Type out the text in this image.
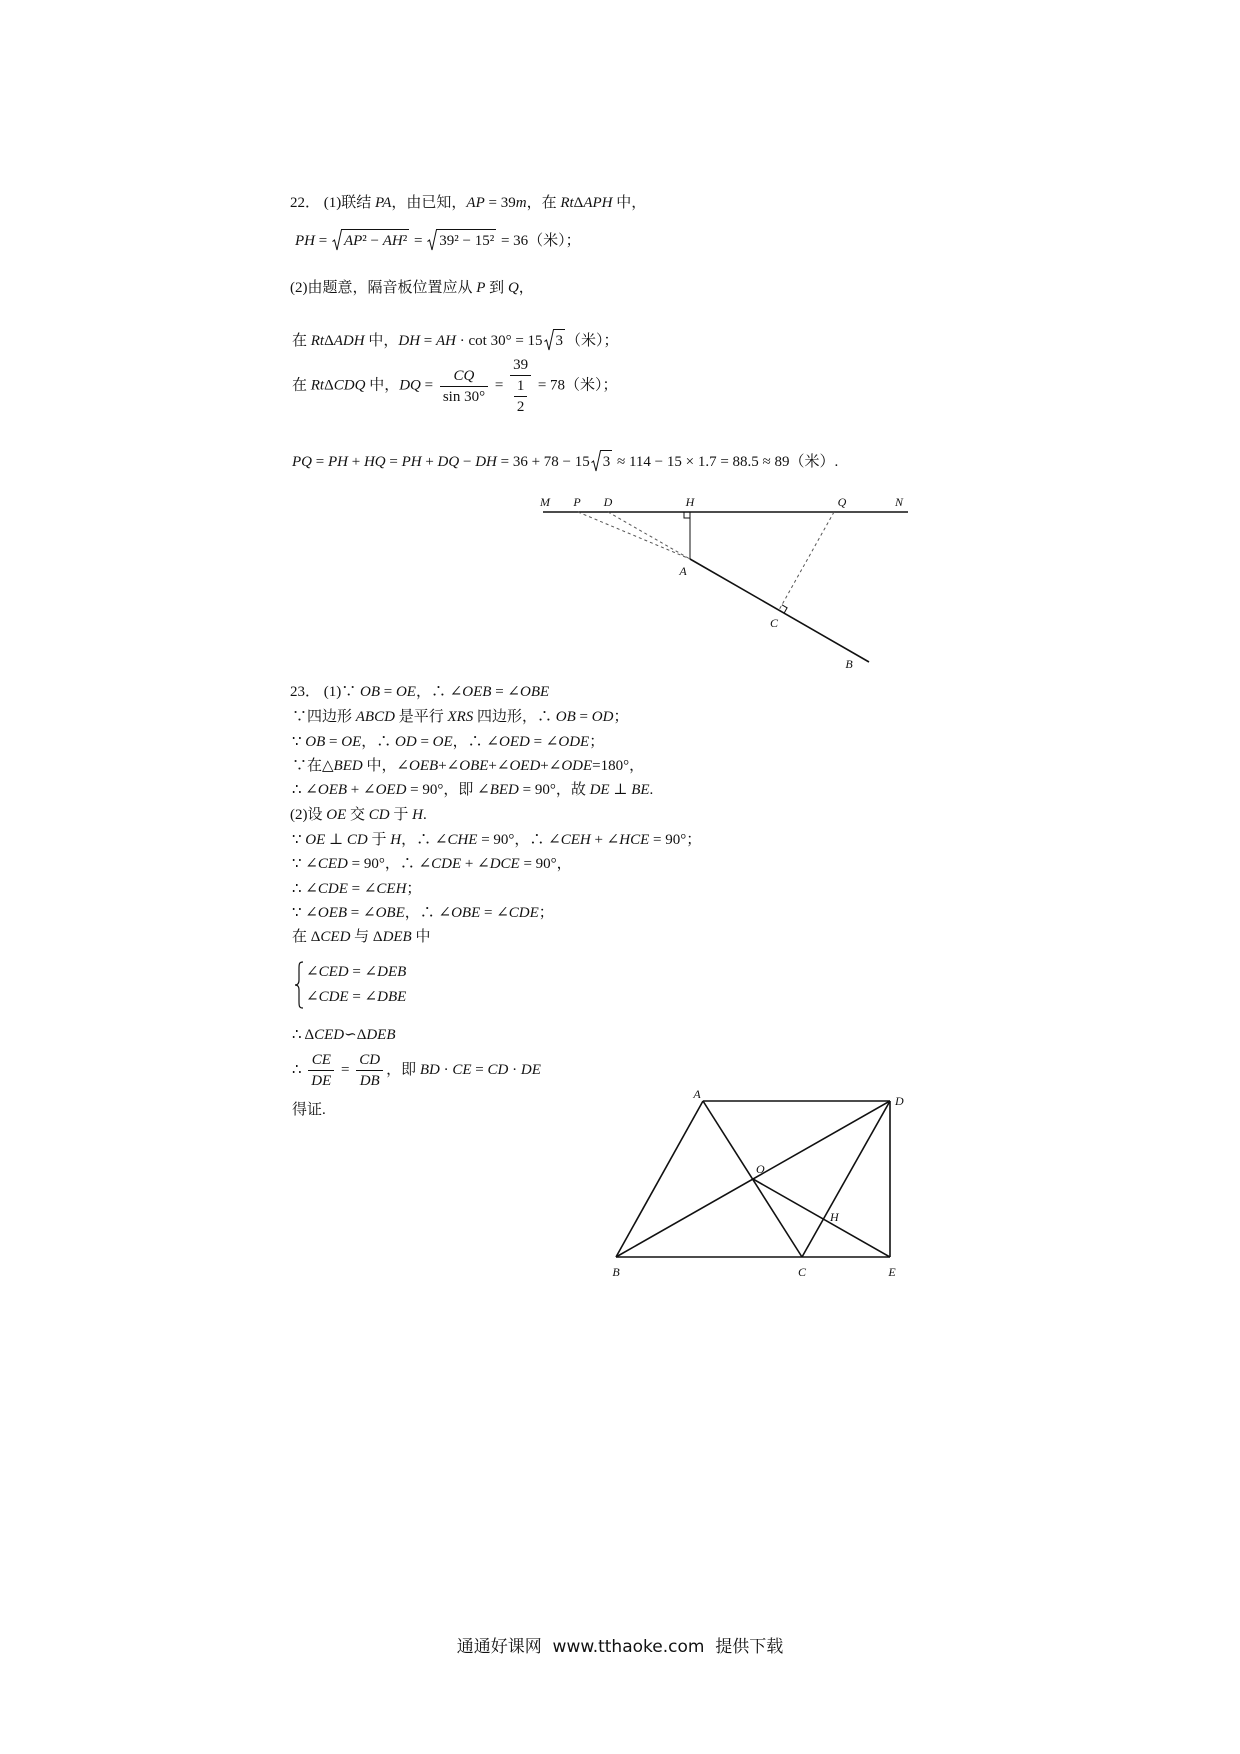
22． (1)联结 PA，由已知，AP = 39m，在 RtΔAPH 中，
PH =
AP² − AH² =
39² − 15² = 36（米）；
(2)由题意，隔音板位置应从 P 到 Q，
在 RtΔADH 中，DH = AH · cot 30° = 15 3 （米）；
在 RtΔCDQ 中，DQ = $\frac{CQ}{\sin 30^\circ} = \frac{39}{\frac{1}{2}} = 78$（米）；
PQ = PH + HQ = PH + DQ − DH = 36 + 78 − 15 3 ≈ 114 − 15 × 1.7 = 88.5 ≈ 89（米）.
M P D	H	Q	N
A
C
B
23． (1)∵ OB = OE，∴ ∠OEB = ∠OBE
∵四边形 ABCD 是平行 XRS 四边形，∴ OB = OD；
∵ OB = OE，∴ OD = OE，∴ ∠OED = ∠ODE；
∵在△BED 中，∠OEB+∠OBE+∠OED+∠ODE=180°，
∴ ∠OEB + ∠OED = 90°，即 ∠BED = 90°，故 DE ⊥ BE.
(2)设 OE 交 CD 于 H.
∵ OE ⊥ CD 于 H，∴ ∠CHE = 90°，∴ ∠CEH + ∠HCE = 90°；
∵ ∠CED = 90°，∴ ∠CDE + ∠DCE = 90°，
∴ ∠CDE = ∠CEH；
∵ ∠OEB = ∠OBE，∴ ∠OBE = ∠CDE；
在 ΔCED 与 ΔDEB 中
∠CED = ∠DEB
∠CDE = ∠DBE
∴ ΔCED∽ΔDEB
∴ $\frac{CE}{DE} = \frac{CD}{DB}$ ，即 BD · CE = CD · DE
得证.
A	D
O
H
B	C	E
通通好课网  www.tthaoke.com  提供下载
